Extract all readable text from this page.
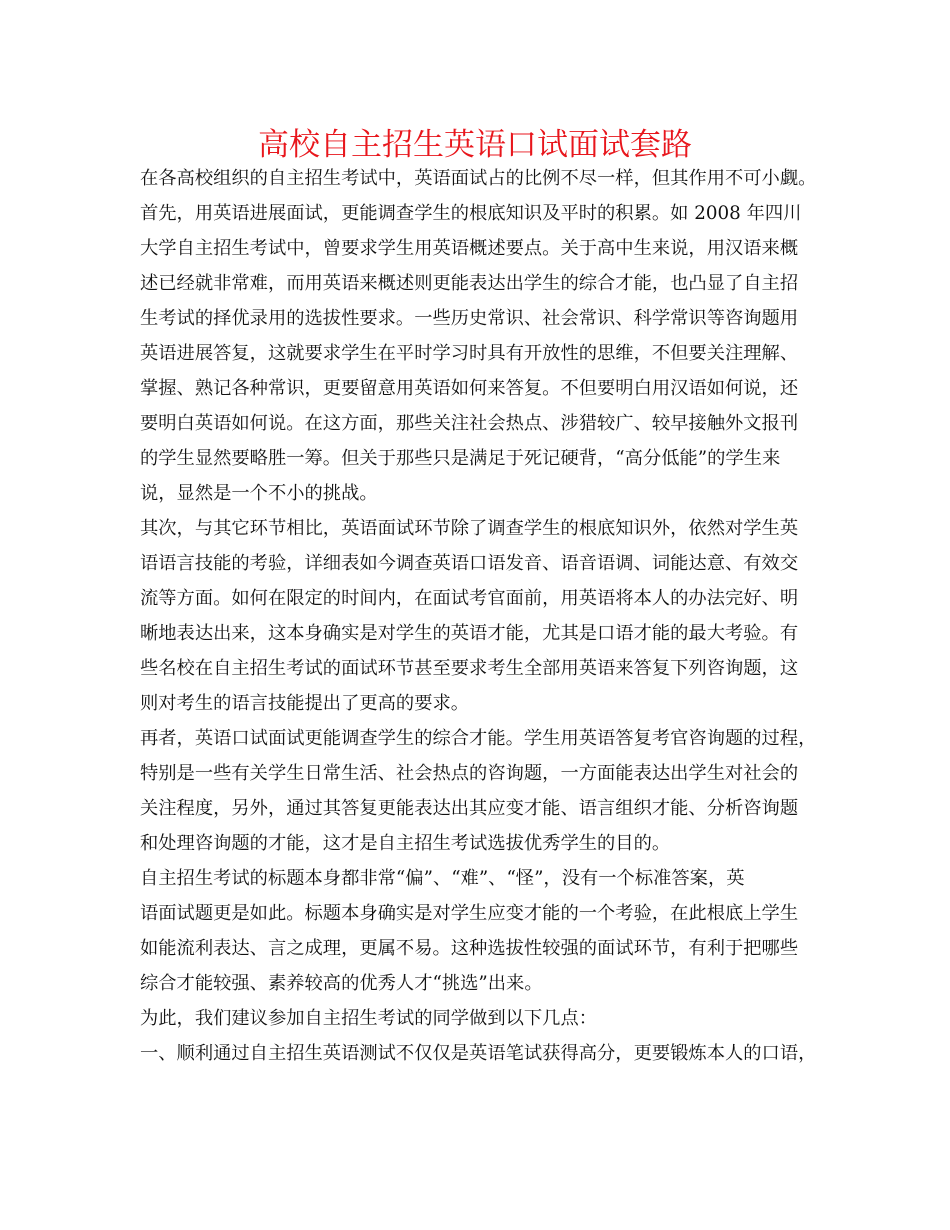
高校自主招生英语口试面试套路
在各高校组织的自主招生考试中，英语面试占的比例不尽一样，但其作用不可小觑。
首先，用英语进展面试，更能调查学生的根底知识及平时的积累。如 2008 年四川
大学自主招生考试中，曾要求学生用英语概述要点。关于高中生来说，用汉语来概
述已经就非常难，而用英语来概述则更能表达出学生的综合才能，也凸显了自主招
生考试的择优录用的选拔性要求。一些历史常识、社会常识、科学常识等咨询题用
英语进展答复，这就要求学生在平时学习时具有开放性的思维，不但要关注理解、
掌握、熟记各种常识，更要留意用英语如何来答复。不但要明白用汉语如何说，还
要明白英语如何说。在这方面，那些关注社会热点、涉猎较广、较早接触外文报刊
的学生显然要略胜一筹。但关于那些只是满足于死记硬背，“高分低能”的学生来
说，显然是一个不小的挑战。
其次，与其它环节相比，英语面试环节除了调查学生的根底知识外，依然对学生英
语语言技能的考验，详细表如今调查英语口语发音、语音语调、词能达意、有效交
流等方面。如何在限定的时间内，在面试考官面前，用英语将本人的办法完好、明
晰地表达出来，这本身确实是对学生的英语才能，尤其是口语才能的最大考验。有
些名校在自主招生考试的面试环节甚至要求考生全部用英语来答复下列咨询题，这
则对考生的语言技能提出了更高的要求。
再者，英语口试面试更能调查学生的综合才能。学生用英语答复考官咨询题的过程，
特别是一些有关学生日常生活、社会热点的咨询题，一方面能表达出学生对社会的
关注程度，另外，通过其答复更能表达出其应变才能、语言组织才能、分析咨询题
和处理咨询题的才能，这才是自主招生考试选拔优秀学生的目的。
自主招生考试的标题本身都非常“偏”、“难”、“怪”，没有一个标准答案，英
语面试题更是如此。标题本身确实是对学生应变才能的一个考验，在此根底上学生
如能流利表达、言之成理，更属不易。这种选拔性较强的面试环节，有利于把哪些
综合才能较强、素养较高的优秀人才“挑选”出来。
为此，我们建议参加自主招生考试的同学做到以下几点：
一、顺利通过自主招生英语测试不仅仅是英语笔试获得高分，更要锻炼本人的口语，
